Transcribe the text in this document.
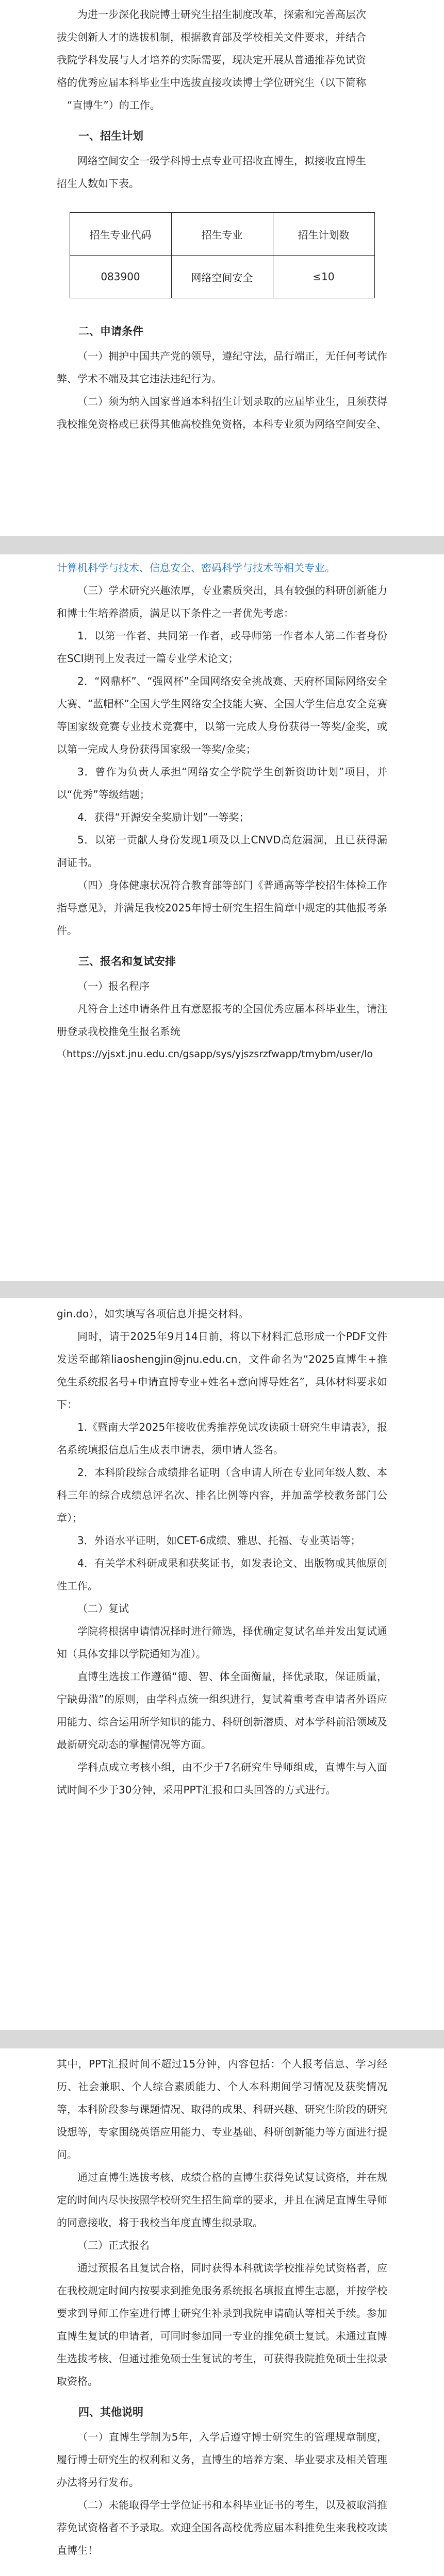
为进一步深化我院博士研究生招生制度改革，探索和完善高层次

拔尖创新人才的选拔机制，根据教育部及学校相关文件要求，并结合

我院学科发展与人才培养的实际需要，现决定开展从普通推荐免试资

格的优秀应届本科毕业生中选拔直接攻读博士学位研究生（以下简称

“直博生”）的工作。

一、招生计划

网络空间安全一级学科博士点专业可招收直博生，拟接收直博生

招生人数如下表。

招生专业代码	招生专业	招生计划数
083900	网络空间安全	≤10

二、申请条件

（一）拥护中国共产党的领导，遵纪守法，品行端正，无任何考试作弊、学术不端及其它违法违纪行为。

（二）须为纳入国家普通本科招生计划录取的应届毕业生，且须获得我校推免资格或已获得其他高校推免资格，本科专业须为网络空间安全、

计算机科学与技术、信息安全、密码科学与技术等相关专业。

（三）学术研究兴趣浓厚，专业素质突出，具有较强的科研创新能力和博士生培养潜质，满足以下条件之一者优先考虑：

1．以第一作者、共同第一作者，或导师第一作者本人第二作者身份在SCI期刊上发表过一篇专业学术论文；

2．“网鼎杯”、“强网杯”全国网络安全挑战赛、天府杯国际网络安全大赛、“蓝帽杯”全国大学生网络安全技能大赛、全国大学生信息安全竞赛等国家级竞赛专业技术竞赛中，以第一完成人身份获得一等奖/金奖，或以第一完成人身份获得国家级一等奖/金奖；

3．曾作为负责人承担“网络安全学院学生创新资助计划”项目，并以“优秀”等级结题；

4．获得“开源安全奖励计划”一等奖；

5．以第一贡献人身份发现1项及以上CNVD高危漏洞，且已获得漏洞证书。

（四）身体健康状况符合教育部等部门《普通高等学校招生体检工作指导意见》，并满足我校2025年博士研究生招生简章中规定的其他报考条件。

三、报名和复试安排

（一）报名程序

凡符合上述申请条件且有意愿报考的全国优秀应届本科毕业生，请注册登录我校推免生报名系统

（https://yjsxt.jnu.edu.cn/gsapp/sys/yjszsrzfwapp/tmybm/user/lo

gin.do），如实填写各项信息并提交材料。

同时，请于2025年9月14日前，将以下材料汇总形成一个PDF文件发送至邮箱liaoshengjin@jnu.edu.cn，文件命名为“2025直博生+推免生系统报名号+申请直博专业+姓名+意向博导姓名”，具体材料要求如下：

1.《暨南大学2025年接收优秀推荐免试攻读硕士研究生申请表》，报名系统填报信息后生成表申请表，须申请人签名。

2．本科阶段综合成绩排名证明（含申请人所在专业同年级人数、本科三年的综合成绩总评名次、排名比例等内容，并加盖学校教务部门公章）；

3．外语水平证明，如CET-6成绩、雅思、托福、专业英语等；

4．有关学术科研成果和获奖证书，如发表论文、出版物或其他原创性工作。

（二）复试

学院将根据申请情况择时进行筛选，择优确定复试名单并发出复试通知（具体安排以学院通知为准）。

直博生选拔工作遵循“德、智、体全面衡量，择优录取，保证质量，宁缺毋滥”的原则，由学科点统一组织进行，复试着重考查申请者外语应用能力、综合运用所学知识的能力、科研创新潜质、对本学科前沿领域及最新研究动态的掌握情况等方面。

学科点成立考核小组，由不少于7名研究生导师组成，直博生与入面试时间不少于30分钟，采用PPT汇报和口头回答的方式进行。

其中，PPT汇报时间不超过15分钟，内容包括：个人报考信息、学习经历、社会兼职、个人综合素质能力、个人本科期间学习情况及获奖情况等，本科阶段参与课题情况、取得的成果、科研兴趣、研究生阶段的研究设想等，专家围绕英语应用能力、专业基础、科研创新能力等方面进行提问。

通过直博生选拔考核、成绩合格的直博生获得免试复试资格，并在规定的时间内尽快按照学校研究生招生简章的要求，并且在满足直博生导师的同意接收，将于我校当年度直博生拟录取。

（三）正式报名

通过预报名且复试合格，同时获得本科就读学校推荐免试资格者，应在我校规定时间内按要求到推免服务系统报名填报直博生志愿，并按学校要求到导师工作室进行博士研究生补录到我院申请确认等相关手续。参加直博生复试的申请者，可同时参加同一专业的推免硕士复试。未通过直博生选拔考核、但通过推免硕士生复试的考生，可获得我院推免硕士生拟录取资格。

四、其他说明

（一）直博生学制为5年，入学后遵守博士研究生的管理规章制度，履行博士研究生的权利和义务，直博生的培养方案、毕业要求及相关管理办法将另行发布。

（二）未能取得学士学位证书和本科毕业证书的考生，以及被取消推荐免试资格者不予录取。欢迎全国各高校优秀应届本科推免生来我校攻读直博生！
